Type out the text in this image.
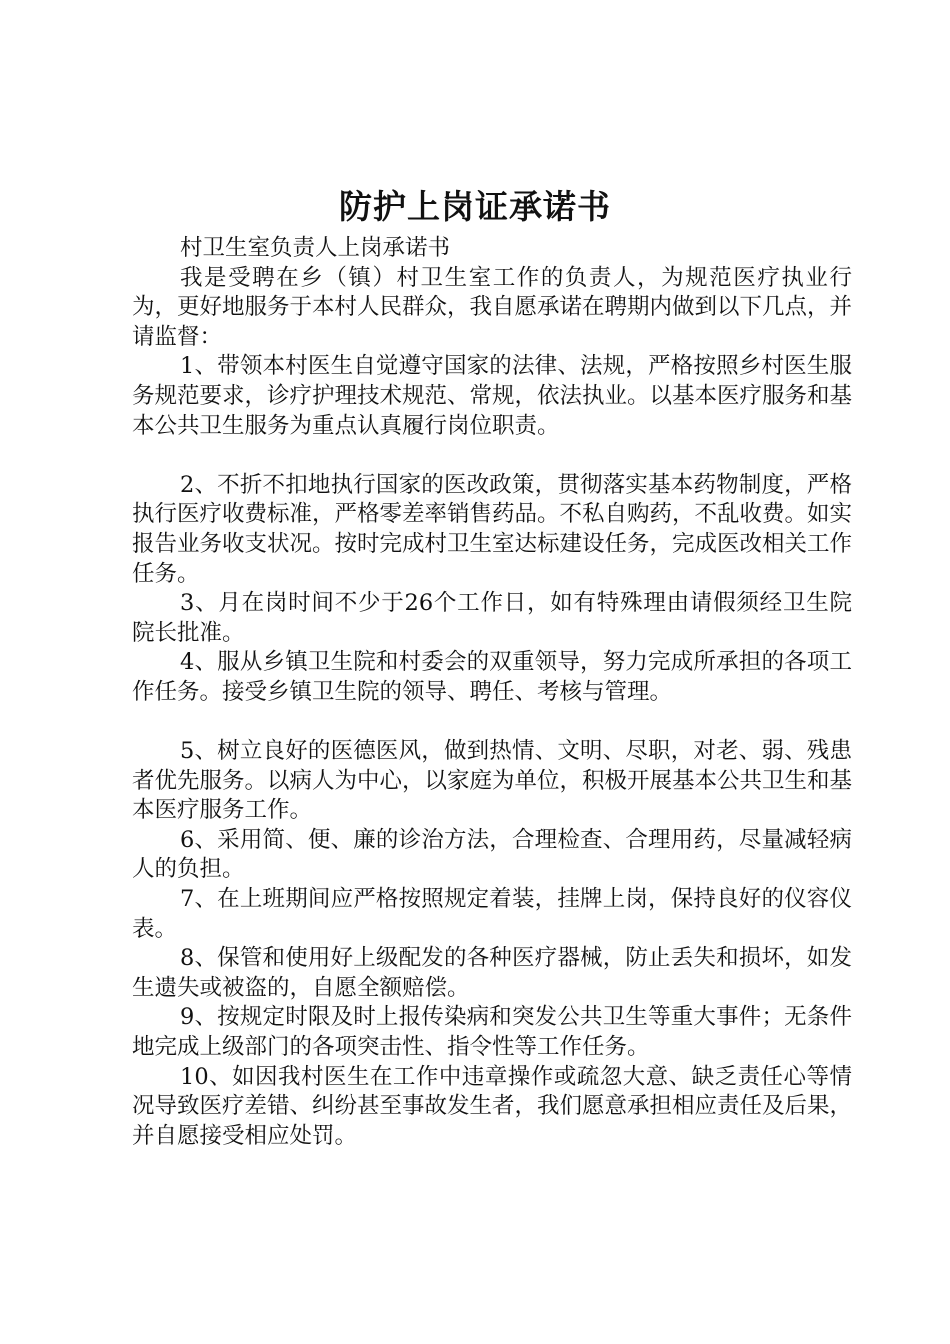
防护上岗证承诺书

村卫生室负责人上岗承诺书

我是受聘在乡（镇）村卫生室工作的负责人，为规范医疗执业行为，更好地服务于本村人民群众，我自愿承诺在聘期内做到以下几点，并请监督：

1、带领本村医生自觉遵守国家的法律、法规，严格按照乡村医生服务规范要求，诊疗护理技术规范、常规，依法执业。以基本医疗服务和基本公共卫生服务为重点认真履行岗位职责。

2、不折不扣地执行国家的医改政策，贯彻落实基本药物制度，严格执行医疗收费标准，严格零差率销售药品。不私自购药，不乱收费。如实报告业务收支状况。按时完成村卫生室达标建设任务，完成医改相关工作任务。

3、月在岗时间不少于26个工作日，如有特殊理由请假须经卫生院院长批准。

4、服从乡镇卫生院和村委会的双重领导，努力完成所承担的各项工作任务。接受乡镇卫生院的领导、聘任、考核与管理。

5、树立良好的医德医风，做到热情、文明、尽职，对老、弱、残患者优先服务。以病人为中心，以家庭为单位，积极开展基本公共卫生和基本医疗服务工作。

6、采用简、便、廉的诊治方法，合理检查、合理用药，尽量减轻病人的负担。

7、在上班期间应严格按照规定着装，挂牌上岗，保持良好的仪容仪表。

8、保管和使用好上级配发的各种医疗器械，防止丢失和损坏，如发生遗失或被盗的，自愿全额赔偿。

9、按规定时限及时上报传染病和突发公共卫生等重大事件；无条件地完成上级部门的各项突击性、指令性等工作任务。

10、如因我村医生在工作中违章操作或疏忽大意、缺乏责任心等情况导致医疗差错、纠纷甚至事故发生者，我们愿意承担相应责任及后果，并自愿接受相应处罚。
